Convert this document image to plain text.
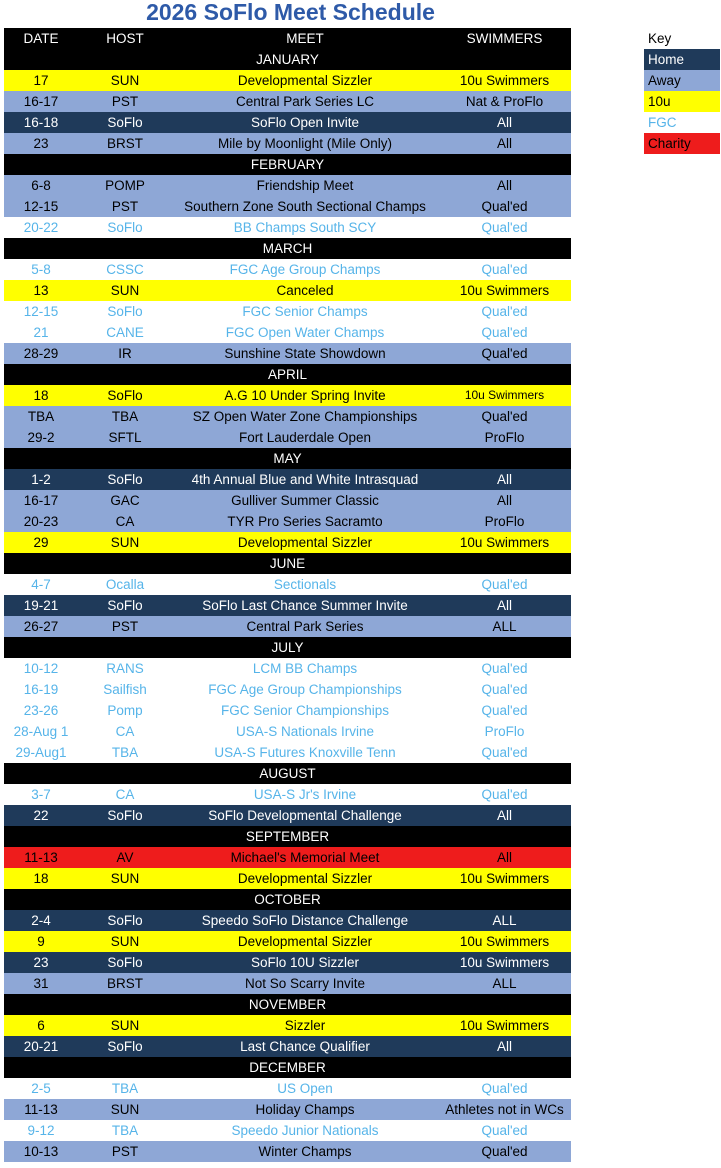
2026 SoFlo Meet Schedule
DATE	HOST	MEET	SWIMMERS
JANUARY
17	SUN	Developmental Sizzler	10u Swimmers
16-17	PST	Central Park Series LC	Nat & ProFlo
16-18	SoFlo	SoFlo Open Invite	All
23	BRST	Mile by Moonlight (Mile Only)	All
FEBRUARY
6-8	POMP	Friendship Meet	All
12-15	PST	Southern Zone South Sectional Champs	Qual'ed
20-22	SoFlo	BB Champs South SCY	Qual'ed
MARCH
5-8	CSSC	FGC Age Group Champs	Qual'ed
13	SUN	Canceled	10u Swimmers
12-15	SoFlo	FGC Senior Champs	Qual'ed
21	CANE	FGC Open Water Champs	Qual'ed
28-29	IR	Sunshine State Showdown	Qual'ed
APRIL
18	SoFlo	A.G 10 Under Spring Invite	10u Swimmers
TBA	TBA	SZ Open Water Zone Championships	Qual'ed
29-2	SFTL	Fort Lauderdale Open	ProFlo
MAY
1-2	SoFlo	4th Annual Blue and White Intrasquad	All
16-17	GAC	Gulliver Summer Classic	All
20-23	CA	TYR Pro Series Sacramto	ProFlo
29	SUN	Developmental Sizzler	10u Swimmers
JUNE
4-7	Ocalla	Sectionals	Qual'ed
19-21	SoFlo	SoFlo Last Chance Summer Invite	All
26-27	PST	Central Park Series	ALL
JULY
10-12	RANS	LCM BB Champs	Qual'ed
16-19	Sailfish	FGC Age Group Championships	Qual'ed
23-26	Pomp	FGC Senior Championships	Qual'ed
28-Aug 1	CA	USA-S Nationals Irvine	ProFlo
29-Aug1	TBA	USA-S Futures Knoxville Tenn	Qual'ed
AUGUST
3-7	CA	USA-S Jr's Irvine	Qual'ed
22	SoFlo	SoFlo Developmental Challenge	All
SEPTEMBER
11-13	AV	Michael's Memorial Meet	All
18	SUN	Developmental Sizzler	10u Swimmers
OCTOBER
2-4	SoFlo	Speedo SoFlo Distance Challenge	ALL
9	SUN	Developmental Sizzler	10u Swimmers
23	SoFlo	SoFlo 10U Sizzler	10u Swimmers
31	BRST	Not So Scarry Invite	ALL
NOVEMBER
6	SUN	Sizzler	10u Swimmers
20-21	SoFlo	Last Chance Qualifier	All
DECEMBER
2-5	TBA	US Open	Qual'ed
11-13	SUN	Holiday Champs	Athletes not in WCs
9-12	TBA	Speedo Junior Nationals	Qual'ed
10-13	PST	Winter Champs	Qual'ed
Key
Home
Away
10u
FGC
Charity
